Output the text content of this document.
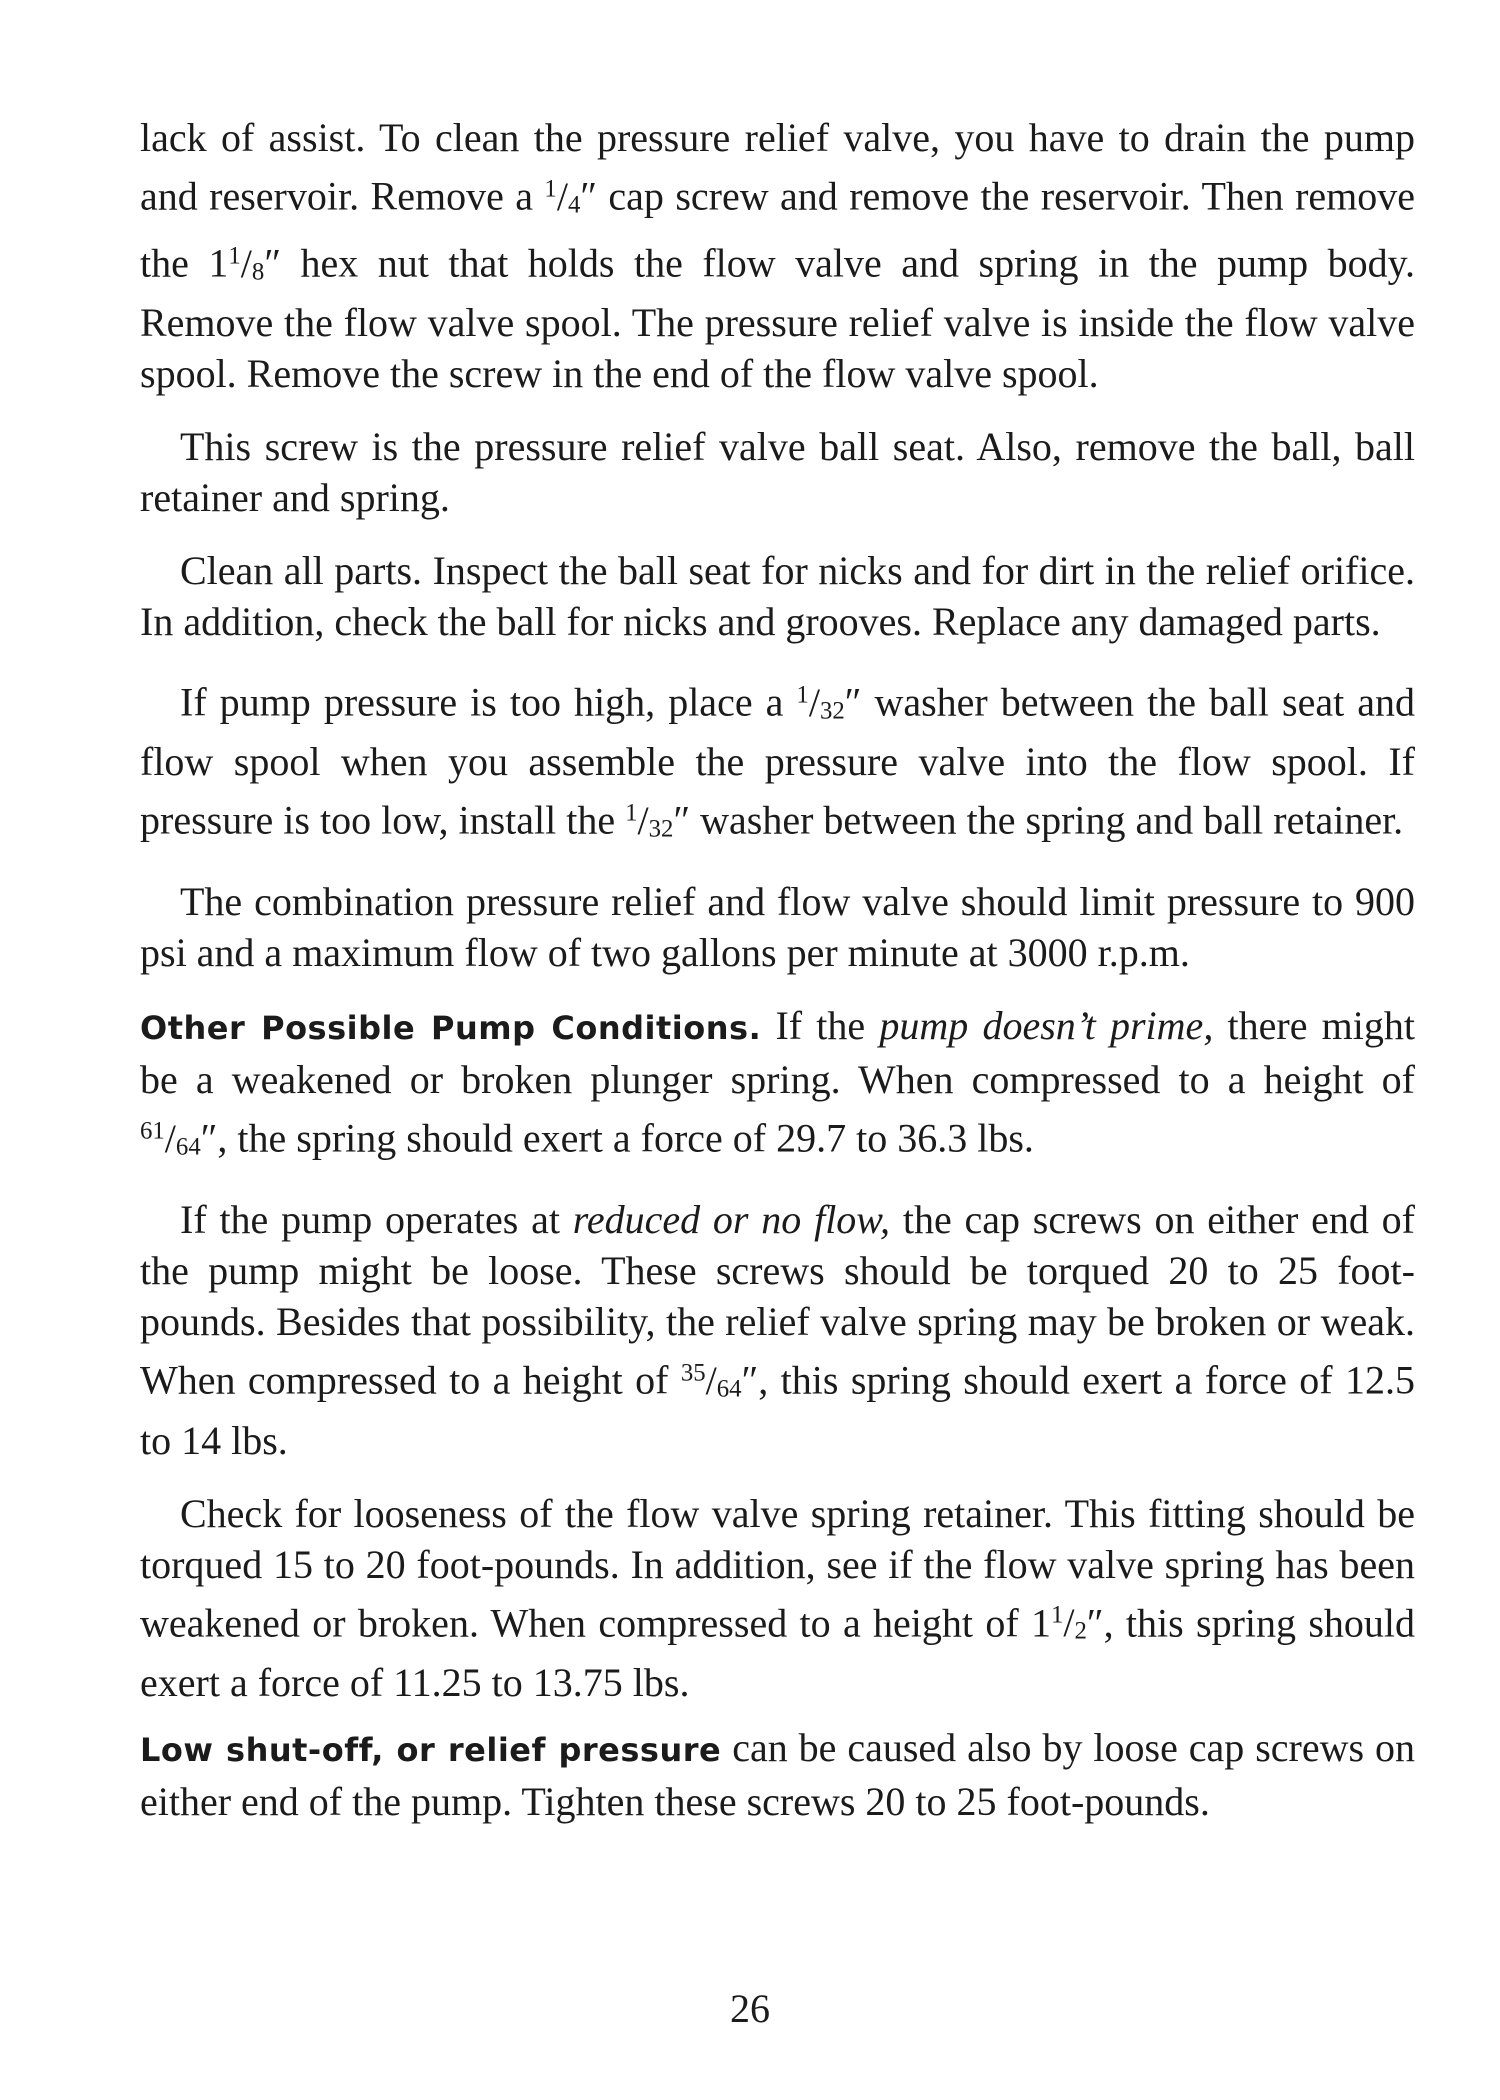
lack of assist. To clean the pressure relief valve, you have to drain the pump and reservoir. Remove a $^1$/4″ cap screw and remove the reservoir. Then remove the $1^1/8''$ hex nut that holds the flow valve and spring in the pump body. Remove the flow valve spool. The pressure relief valve is inside the flow valve spool. Remove the screw in the end of the flow valve spool.

This screw is the pressure relief valve ball seat. Also, remove the ball, ball retainer and spring.

Clean all parts. Inspect the ball seat for nicks and for dirt in the relief orifice. In addition, check the ball for nicks and grooves. Replace any damaged parts.

If pump pressure is too high, place a $^1$/32″ washer between the ball seat and flow spool when you assemble the pressure valve into the flow spool. If pressure is too low, install the $^1$/32″ washer between the spring and ball retainer.

The combination pressure relief and flow valve should limit pressure to 900 psi and a maximum flow of two gallons per minute at 3000 r.p.m.

Other Possible Pump Conditions. If the pump doesn’t prime, there might be a weakened or broken plunger spring. When compressed to a height of $^{61}$/64″, the spring should exert a force of 29.7 to 36.3 lbs.

If the pump operates at reduced or no flow, the cap screws on either end of the pump might be loose. These screws should be torqued 20 to 25 foot-pounds. Besides that possibility, the relief valve spring may be broken or weak. When compressed to a height of $^{35}$/64″, this spring should exert a force of 12.5 to 14 lbs.

Check for looseness of the flow valve spring retainer. This fitting should be torqued 15 to 20 foot-pounds. In addition, see if the flow valve spring has been weakened or broken. When compressed to a height of $1^1/2''$, this spring should exert a force of 11.25 to 13.75 lbs.

Low shut-off, or relief pressure can be caused also by loose cap screws on either end of the pump. Tighten these screws 20 to 25 foot-pounds.

26
